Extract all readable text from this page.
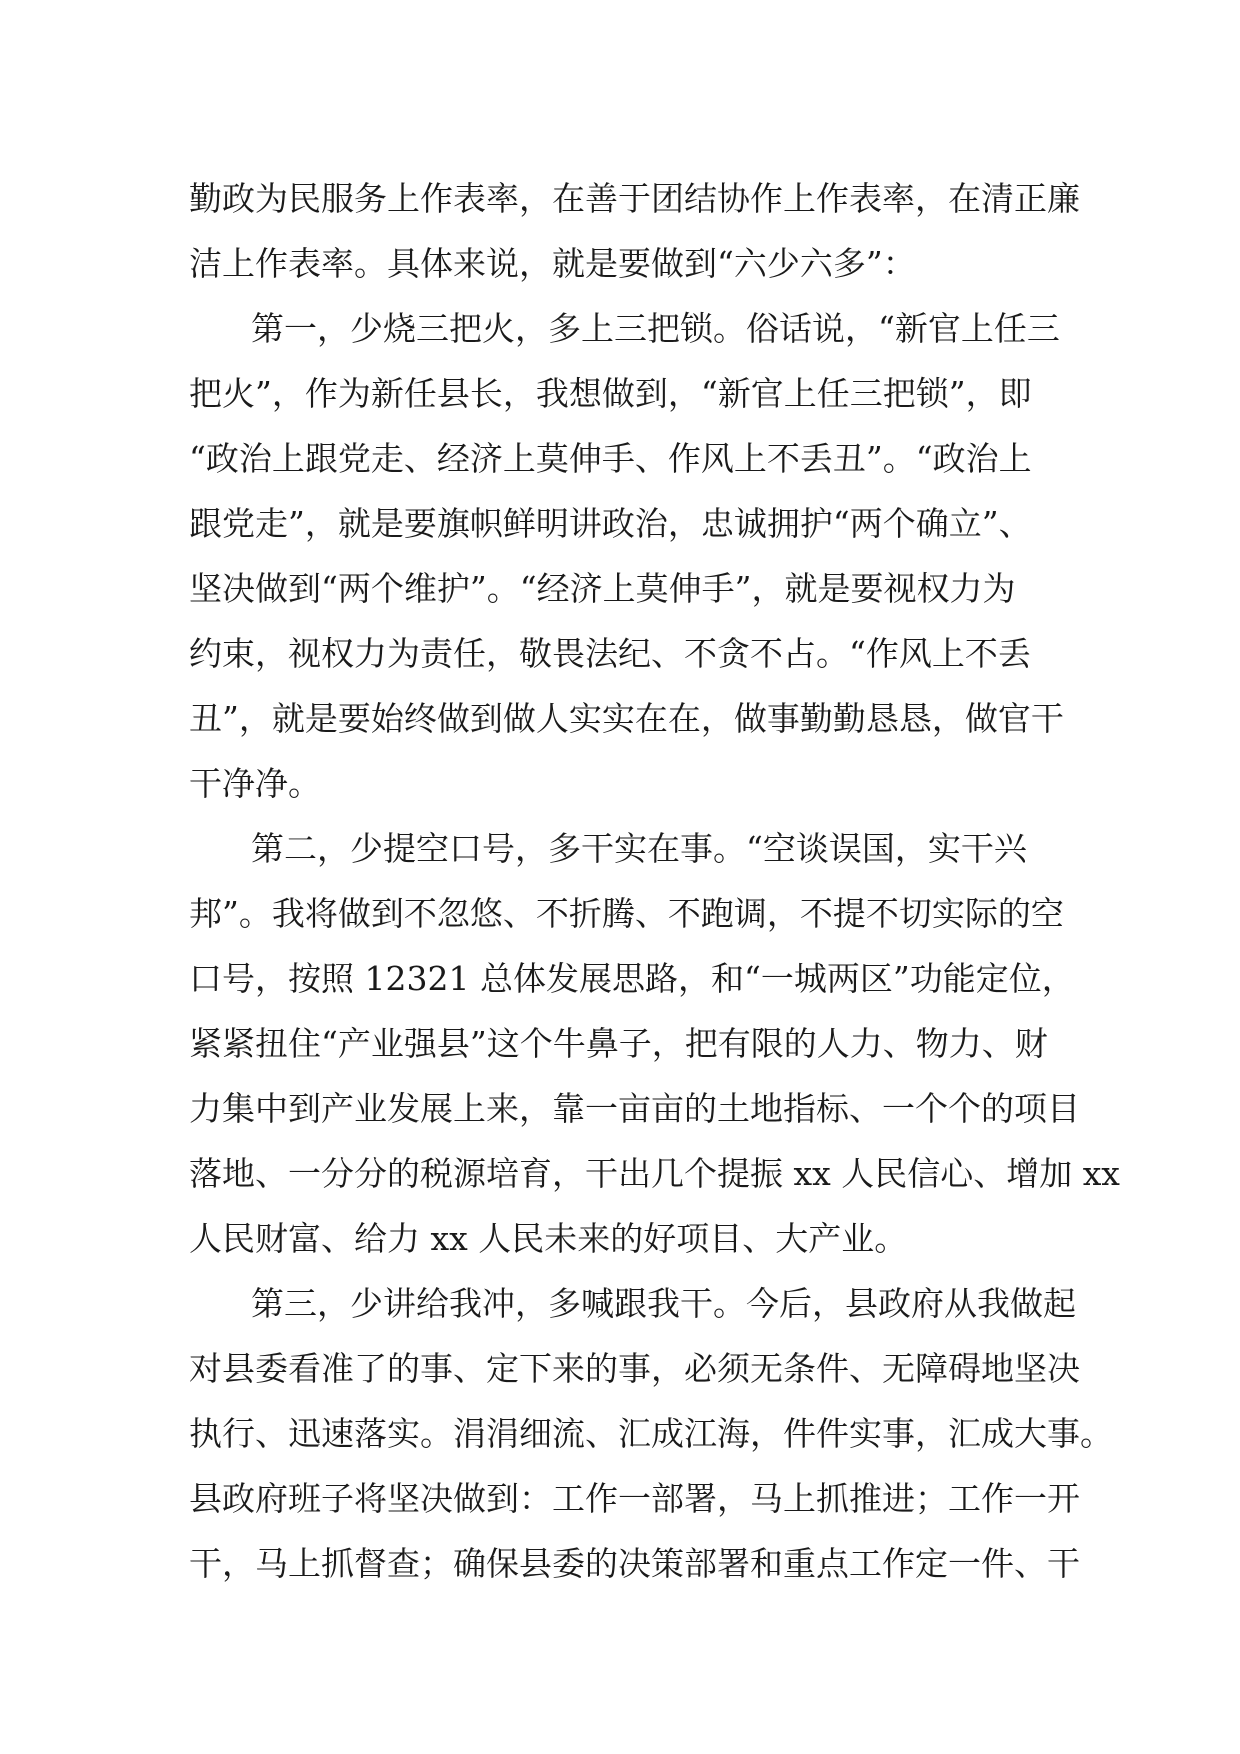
勤政为民服务上作表率，在善于团结协作上作表率，在清正廉
洁上作表率。具体来说，就是要做到“六少六多”：
第一，少烧三把火，多上三把锁。俗话说，“新官上任三
把火”，作为新任县长，我想做到，“新官上任三把锁”，即
“政治上跟党走、经济上莫伸手、作风上不丢丑”。“政治上
跟党走”，就是要旗帜鲜明讲政治，忠诚拥护“两个确立”、
坚决做到“两个维护”。“经济上莫伸手”，就是要视权力为
约束，视权力为责任，敬畏法纪、不贪不占。“作风上不丢
丑”，就是要始终做到做人实实在在，做事勤勤恳恳，做官干
干净净。
第二，少提空口号，多干实在事。“空谈误国，实干兴
邦”。我将做到不忽悠、不折腾、不跑调，不提不切实际的空
口号，按照 12321 总体发展思路，和“一城两区”功能定位，
紧紧扭住“产业强县”这个牛鼻子，把有限的人力、物力、财
力集中到产业发展上来，靠一亩亩的土地指标、一个个的项目
落地、一分分的税源培育，干出几个提振 xx 人民信心、增加 xx
人民财富、给力 xx 人民未来的好项目、大产业。
第三，少讲给我冲，多喊跟我干。今后，县政府从我做起
对县委看准了的事、定下来的事，必须无条件、无障碍地坚决
执行、迅速落实。涓涓细流、汇成江海，件件实事，汇成大事。
县政府班子将坚决做到：工作一部署，马上抓推进；工作一开
干，马上抓督查；确保县委的决策部署和重点工作定一件、干
